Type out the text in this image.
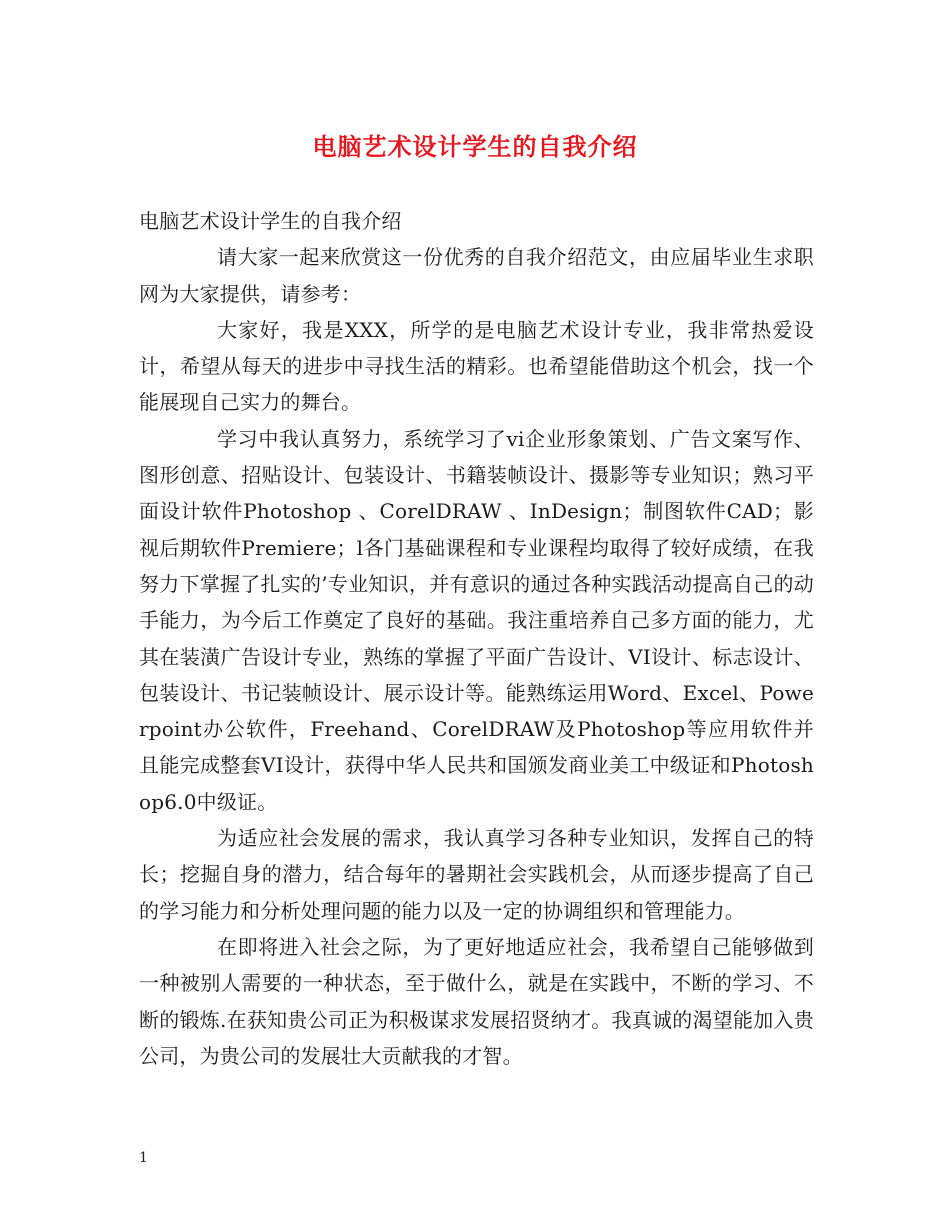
电脑艺术设计学生的自我介绍

电脑艺术设计学生的自我介绍

请大家一起来欣赏这一份优秀的自我介绍范文，由应届毕业生求职网为大家提供，请参考：

大家好，我是XXX，所学的是电脑艺术设计专业，我非常热爱设计，希望从每天的进步中寻找生活的精彩。也希望能借助这个机会，找一个能展现自己实力的舞台。

学习中我认真努力，系统学习了vi企业形象策划、广告文案写作、图形创意、招贴设计、包装设计、书籍装帧设计、摄影等专业知识；熟习平面设计软件Photoshop 、CorelDRAW 、InDesign；制图软件CAD；影视后期软件Premiere；l各门基础课程和专业课程均取得了较好成绩，在我努力下掌握了扎实的’专业知识，并有意识的通过各种实践活动提高自己的动手能力，为今后工作奠定了良好的基础。我注重培养自己多方面的能力，尤其在装潢广告设计专业，熟练的掌握了平面广告设计、VI设计、标志设计、包装设计、书记装帧设计、展示设计等。能熟练运用Word、Excel、Powerpoint办公软件，Freehand、CorelDRAW及Photoshop等应用软件并且能完成整套VI设计，获得中华人民共和国颁发商业美工中级证和Photoshop6.0中级证。

为适应社会发展的需求，我认真学习各种专业知识，发挥自己的特长；挖掘自身的潜力，结合每年的暑期社会实践机会，从而逐步提高了自己的学习能力和分析处理问题的能力以及一定的协调组织和管理能力。

在即将进入社会之际，为了更好地适应社会，我希望自己能够做到一种被别人需要的一种状态，至于做什么，就是在实践中，不断的学习、不断的锻炼.在获知贵公司正为积极谋求发展招贤纳才。我真诚的渴望能加入贵公司，为贵公司的发展壮大贡献我的才智。

1
